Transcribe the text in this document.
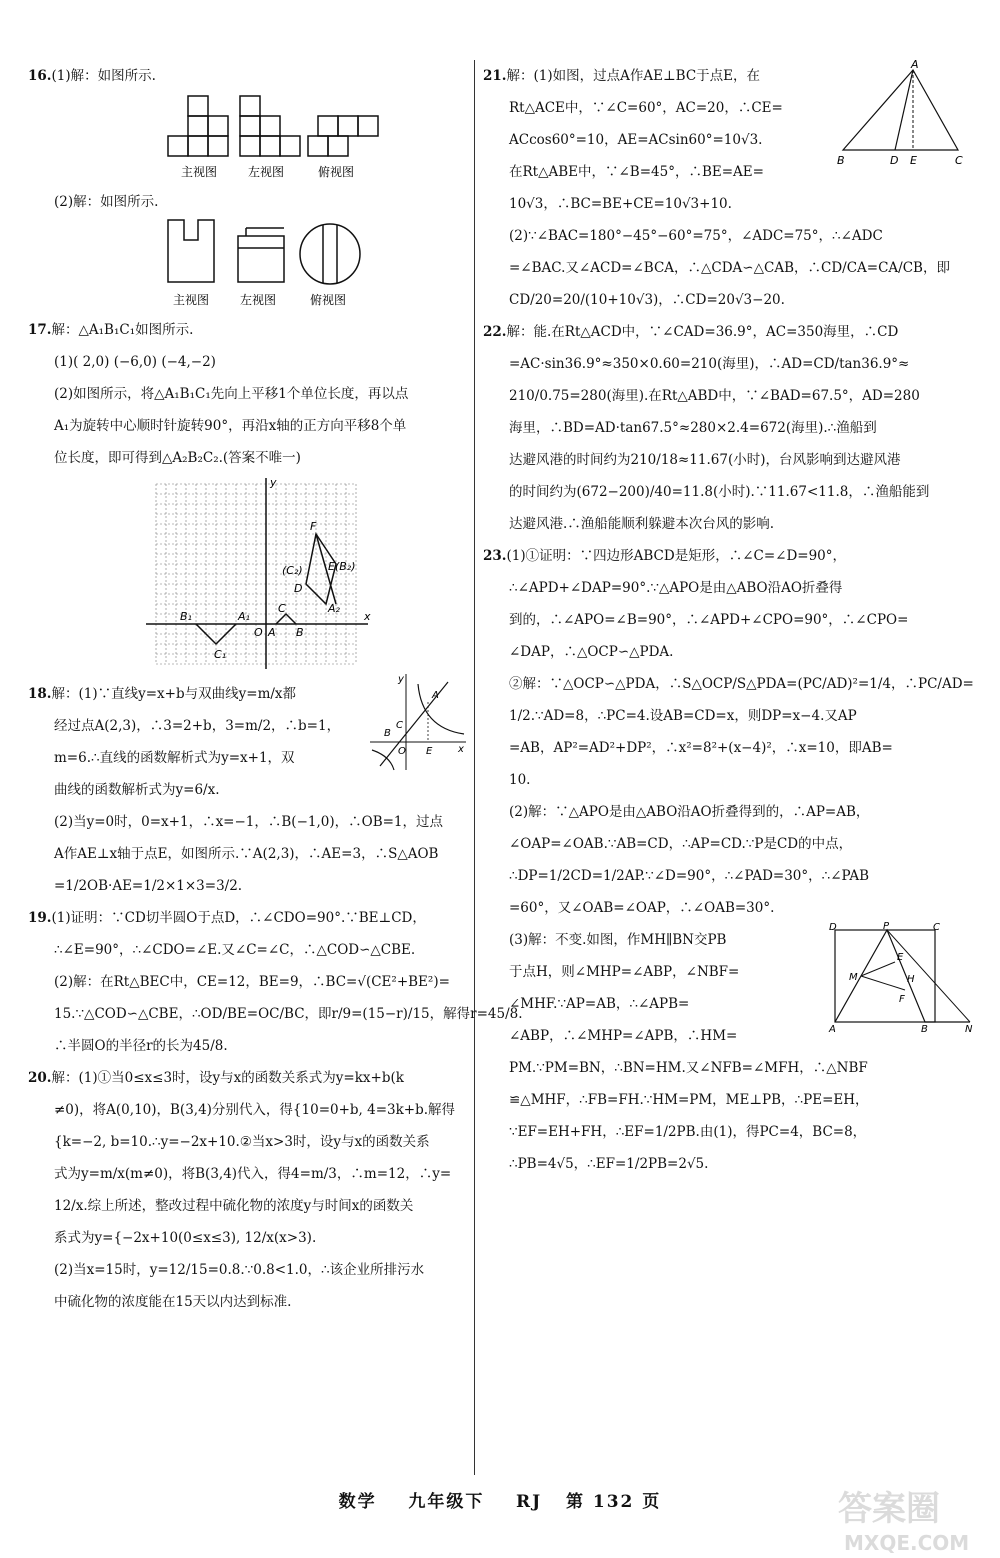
16.(1)解：如图所示.
主视图	左视图	俯视图
(2)解：如图所示.
主视图	左视图	俯视图
17.解：△A₁B₁C₁如图所示.
(1)( 2,0) (−6,0) (−4,−2)
(2)如图所示，将△A₁B₁C₁先向上平移1个单位长度，再以点
A₁为旋转中心顺时针旋转90°，再沿x轴的正方向平移8个单
位长度，即可得到△A₂B₂C₂.(答案不唯一)
y
x
O A B
C
B₁
C₁
A₁
F
E(B₂)
(C₂)
D
A₂
y
x
A
B
C
O E
18.解：(1)∵直线y=x+b与双曲线y=m/x都
经过点A(2,3)，∴3=2+b，3=m/2，∴b=1，
m=6.∴直线的函数解析式为y=x+1，双
曲线的函数解析式为y=6/x.
(2)当y=0时，0=x+1，∴x=−1，∴B(−1,0)，∴OB=1，过点
A作AE⊥x轴于点E，如图所示.∵A(2,3)，∴AE=3，∴S△AOB
=1/2OB·AE=1/2×1×3=3/2.
19.(1)证明：∵CD切半圆O于点D，∴∠CDO=90°.∵BE⊥CD，
∴∠E=90°，∴∠CDO=∠E.又∠C=∠C，∴△COD∽△CBE.
(2)解：在Rt△BEC中，CE=12，BE=9，∴BC=√(CE²+BE²)=
15.∵△COD∽△CBE，∴OD/BE=OC/BC，即r/9=(15−r)/15，解得r=45/8.
∴半圆O的半径r的长为45/8.
20.解：(1)①当0≤x≤3时，设y与x的函数关系式为y=kx+b(k
≠0)，将A(0,10)，B(3,4)分别代入，得{10=0+b, 4=3k+b.解得
{k=−2, b=10.∴y=−2x+10.②当x>3时，设y与x的函数关系
式为y=m/x(m≠0)，将B(3,4)代入，得4=m/3，∴m=12，∴y=
12/x.综上所述，整改过程中硫化物的浓度y与时间x的函数关
系式为y={−2x+10(0≤x≤3), 12/x(x>3).
(2)当x=15时，y=12/15=0.8.∵0.8<1.0，∴该企业所排污水
中硫化物的浓度能在15天以内达到标准.
A
B	D E	C
21.解：(1)如图，过点A作AE⊥BC于点E，在
Rt△ACE中，∵∠C=60°，AC=20，∴CE=
ACcos60°=10，AE=ACsin60°=10√3.
在Rt△ABE中，∵∠B=45°，∴BE=AE=
10√3，∴BC=BE+CE=10√3+10.
(2)∵∠BAC=180°−45°−60°=75°，∠ADC=75°，∴∠ADC
=∠BAC.又∠ACD=∠BCA，∴△CDA∽△CAB，∴CD/CA=CA/CB，即
CD/20=20/(10+10√3)，∴CD=20√3−20.
22.解：能.在Rt△ACD中，∵∠CAD=36.9°，AC=350海里，∴CD
=AC·sin36.9°≈350×0.60=210(海里)，∴AD=CD/tan36.9°≈
210/0.75=280(海里).在Rt△ABD中，∵∠BAD=67.5°，AD=280
海里，∴BD=AD·tan67.5°≈280×2.4=672(海里).∴渔船到
达避风港的时间约为210/18≈11.67(小时)，台风影响到达避风港
的时间约为(672−200)/40=11.8(小时).∵11.67<11.8，∴渔船能到
达避风港.∴渔船能顺利躲避本次台风的影响.
23.(1)①证明：∵四边形ABCD是矩形，∴∠C=∠D=90°，
∴∠APD+∠DAP=90°.∵△APO是由△ABO沿AO折叠得
到的，∴∠APO=∠B=90°，∴∠APD+∠CPO=90°，∴∠CPO=
∠DAP，∴△OCP∽△PDA.
②解：∵△OCP∽△PDA，∴S△OCP/S△PDA=(PC/AD)²=1/4，∴PC/AD=
1/2.∵AD=8，∴PC=4.设AB=CD=x，则DP=x−4.又AP
=AB，AP²=AD²+DP²，∴x²=8²+(x−4)²，∴x=10，即AB=
10.
(2)解：∵△APO是由△ABO沿AO折叠得到的，∴AP=AB，
∠OAP=∠OAB.∵AB=CD，∴AP=CD.∵P是CD的中点，
∴DP=1/2CD=1/2AP.∵∠D=90°，∴∠PAD=30°，∴∠PAB
=60°，又∠OAB=∠OAP，∴∠OAB=30°.
D	P	C
E
M	H
F
A	B	N
(3)解：不变.如图，作MH∥BN交PB
于点H，则∠MHP=∠ABP，∠NBF=
∠MHF.∵AP=AB，∴∠APB=
∠ABP，∴∠MHP=∠APB，∴HM=
PM.∵PM=BN，∴BN=HM.又∠NFB=∠MFH，∴△NBF
≌△MHF，∴FB=FH.∵HM=PM，ME⊥PB，∴PE=EH，
∵EF=EH+FH，∴EF=1/2PB.由(1)，得PC=4，BC=8，
∴PB=4√5，∴EF=1/2PB=2√5.
数学 九年级下 RJ 第 132 页	答案圈
MXQE.COM
